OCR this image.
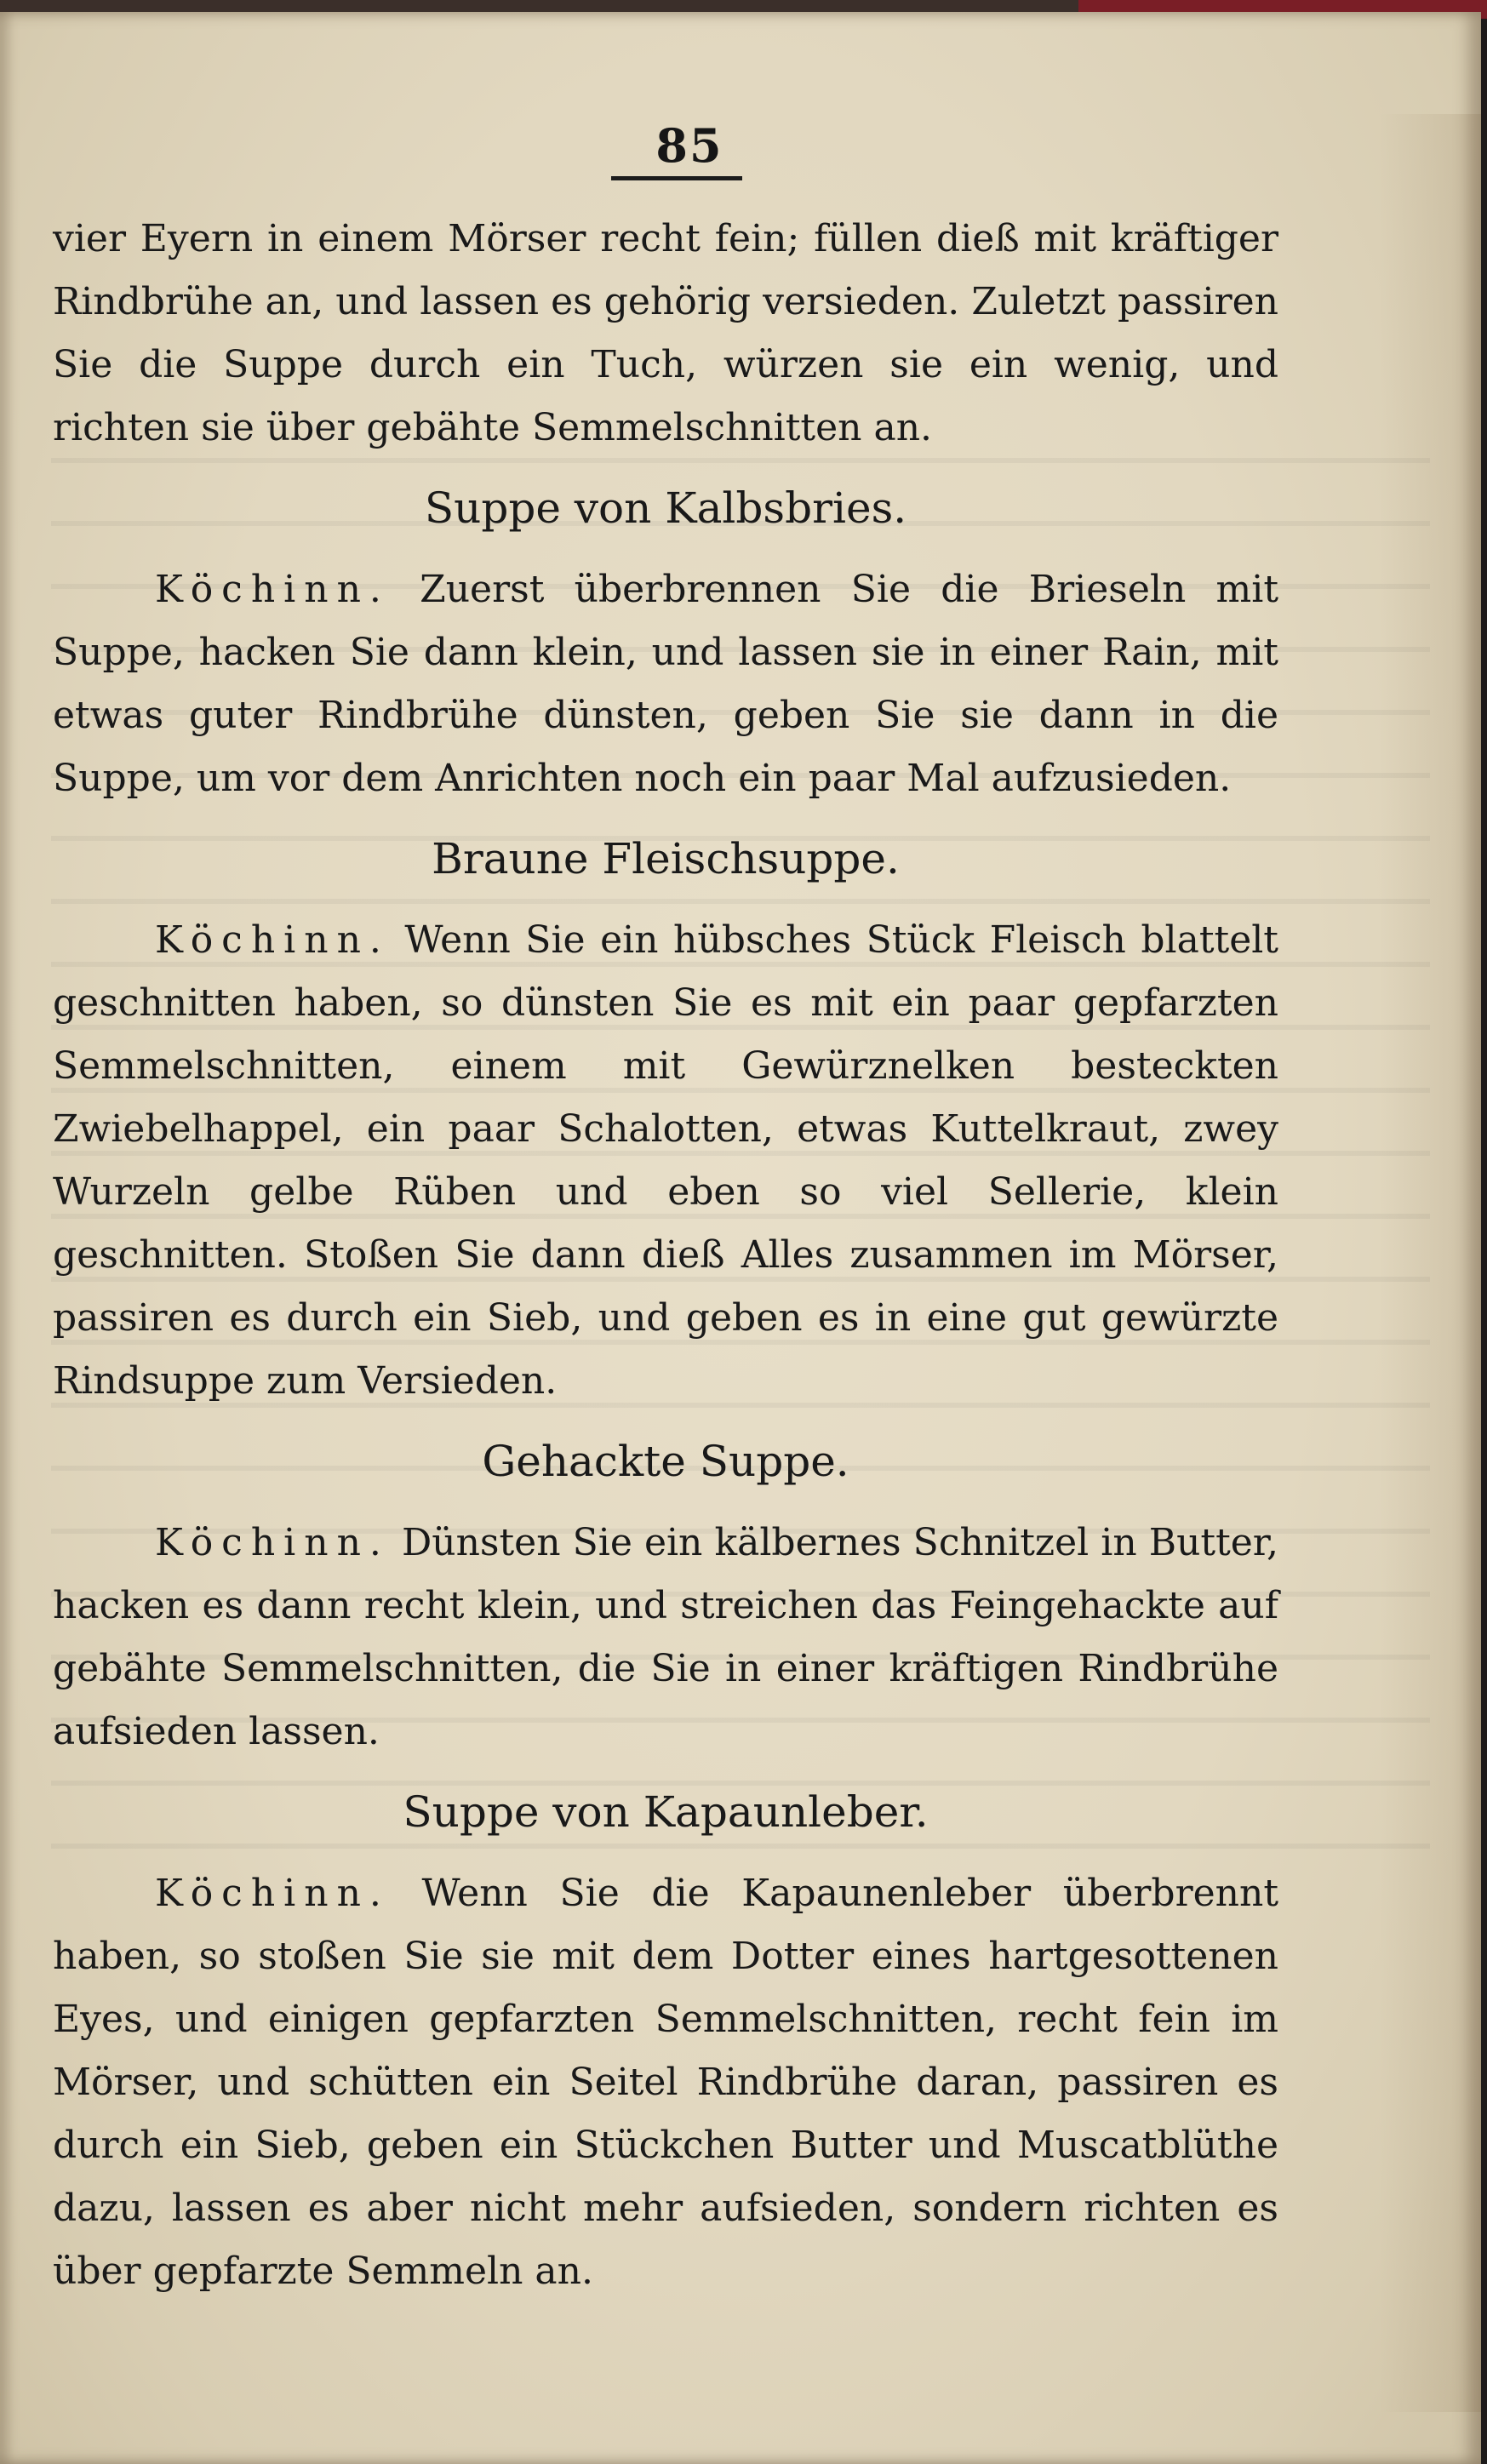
85

vier Eyern in einem Mörser recht fein; füllen dieß mit kräftiger Rindbrühe an, und lassen es gehörig versieden. Zuletzt passiren Sie die Suppe durch ein Tuch, würzen sie ein wenig, und richten sie über gebähte Semmelschnitten an.

Suppe von Kalbsbries.

Köchinn. Zuerst überbrennen Sie die Brieseln mit Suppe, hacken Sie dann klein, und lassen sie in einer Rain, mit etwas guter Rindbrühe dünsten, geben Sie sie dann in die Suppe, um vor dem Anrichten noch ein paar Mal aufzusieden.

Braune Fleischsuppe.

Köchinn. Wenn Sie ein hübsches Stück Fleisch blattelt geschnitten haben, so dünsten Sie es mit ein paar gepfarzten Semmelschnitten, einem mit Gewürznelken besteckten Zwiebelhappel, ein paar Schalotten, etwas Kuttelkraut, zwey Wurzeln gelbe Rüben und eben so viel Sellerie, klein geschnitten. Stoßen Sie dann dieß Alles zusammen im Mörser, passiren es durch ein Sieb, und geben es in eine gut gewürzte Rindsuppe zum Versieden.

Gehackte Suppe.

Köchinn. Dünsten Sie ein kälbernes Schnitzel in Butter, hacken es dann recht klein, und streichen das Feingehackte auf gebähte Semmelschnitten, die Sie in einer kräftigen Rindbrühe aufsieden lassen.

Suppe von Kapaunleber.

Köchinn. Wenn Sie die Kapaunenleber überbrennt haben, so stoßen Sie sie mit dem Dotter eines hartgesottenen Eyes, und einigen gepfarzten Semmelschnitten, recht fein im Mörser, und schütten ein Seitel Rindbrühe daran, passiren es durch ein Sieb, geben ein Stückchen Butter und Muscatblüthe dazu, lassen es aber nicht mehr aufsieden, sondern richten es über gepfarzte Semmeln an.
